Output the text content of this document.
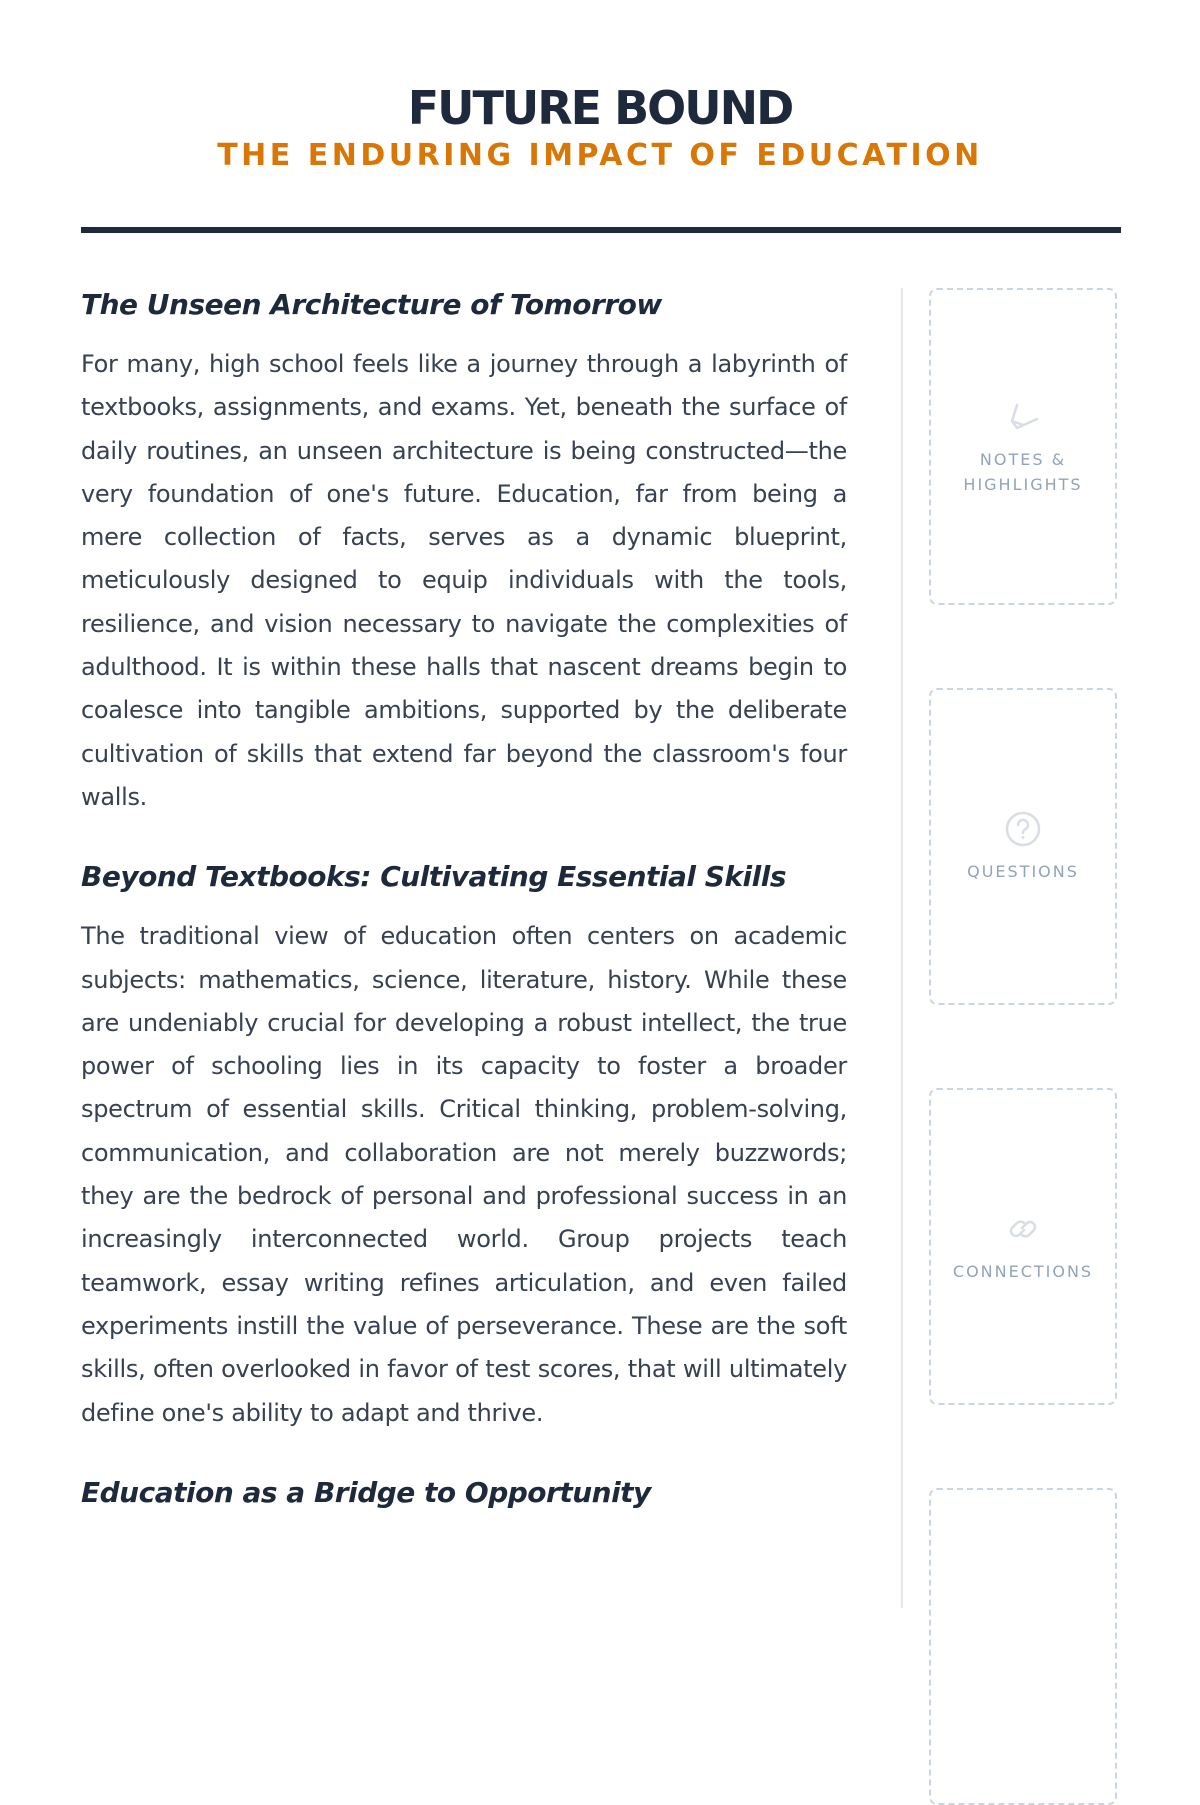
FUTURE BOUND
THE ENDURING IMPACT OF EDUCATION
The Unseen Architecture of Tomorrow

For many, high school feels like a journey through a labyrinth of textbooks, assignments, and exams. Yet, beneath the surface of daily routines, an unseen architecture is being constructed—the very foundation of one's future. Education, far from being a mere collection of facts, serves as a dynamic blueprint, meticulously designed to equip individuals with the tools, resilience, and vision necessary to navigate the complexities of adulthood. It is within these halls that nascent dreams begin to coalesce into tangible ambitions, supported by the deliberate cultivation of skills that extend far beyond the classroom's four walls.

Beyond Textbooks: Cultivating Essential Skills

The traditional view of education often centers on academic subjects: mathematics, science, literature, history. While these are undeniably crucial for developing a robust intellect, the true power of schooling lies in its capacity to foster a broader spectrum of essential skills. Critical thinking, problem-solving, communication, and collaboration are not merely buzzwords; they are the bedrock of personal and professional success in an increasingly interconnected world. Group projects teach teamwork, essay writing refines articulation, and even failed experiments instill the value of perseverance. These are the soft skills, often overlooked in favor of test scores, that will ultimately define one's ability to adapt and thrive.

Education as a Bridge to Opportunity

NOTES & HIGHLIGHTS
QUESTIONS
CONNECTIONS
